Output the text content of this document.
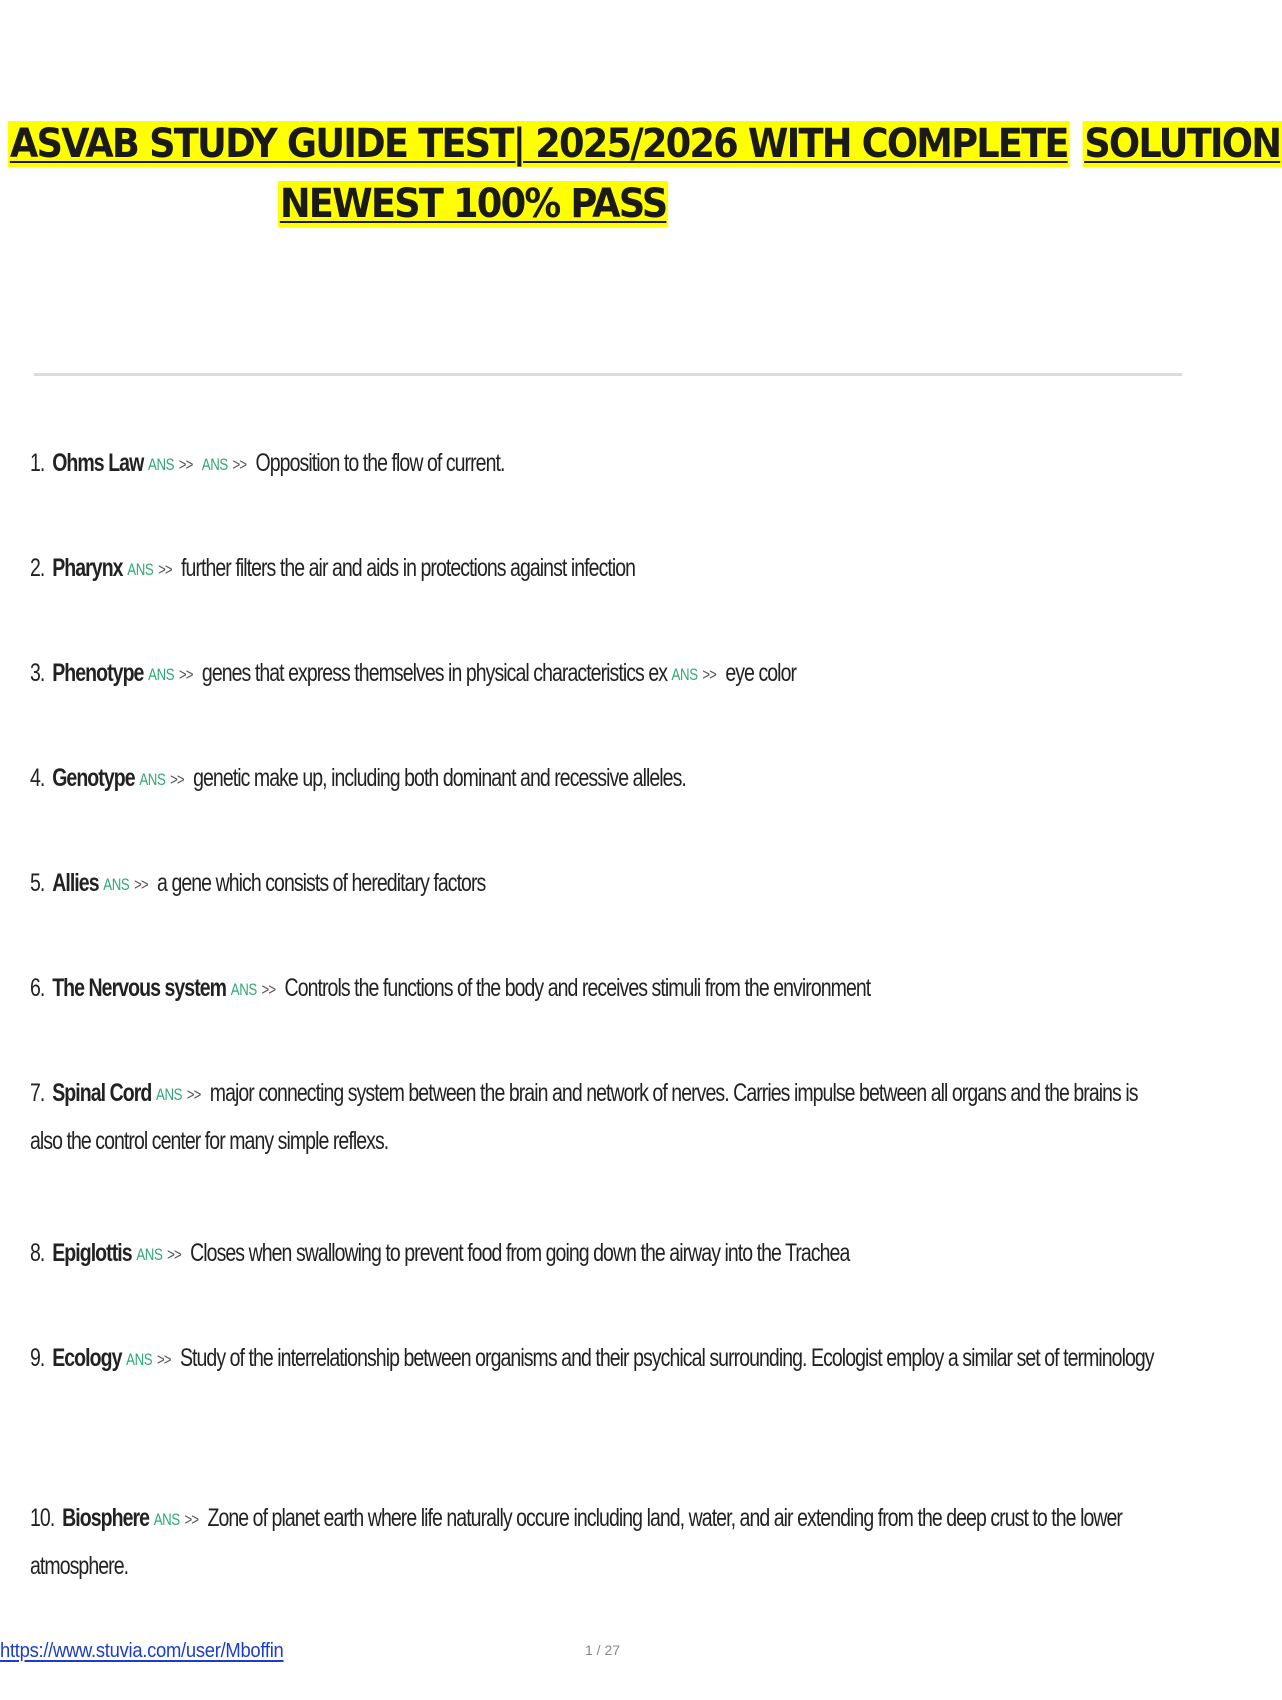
ASVAB STUDY GUIDE TEST| 2025/2026 WITH COMPLETE SOLUTION
NEWEST 100% PASS
1. Ohms Law ANS >> ANS >> Opposition to the flow of current.
2. Pharynx ANS >> further filters the air and aids in protections against infection
3. Phenotype ANS >> genes that express themselves in physical characteristics ex ANS >> eye color
4. Genotype ANS >> genetic make up, including both dominant and recessive alleles.
5. Allies ANS >> a gene which consists of hereditary factors
6. The Nervous system ANS >> Controls the functions of the body and receives stimuli from the environment
7. Spinal Cord ANS >> major connecting system between the brain and network of nerves. Carries impulse between all organs and the brains is also the control center for many simple reflexs.
8. Epiglottis ANS >> Closes when swallowing to prevent food from going down the airway into the Trachea
9. Ecology ANS >> Study of the interrelationship between organisms and their psychical surrounding. Ecologist employ a similar set of terminology
10. Biosphere ANS >> Zone of planet earth where life naturally occure including land, water, and air extending from the deep crust to the lower atmosphere.
https://www.stuvia.com/user/Mboffin	1 / 27
